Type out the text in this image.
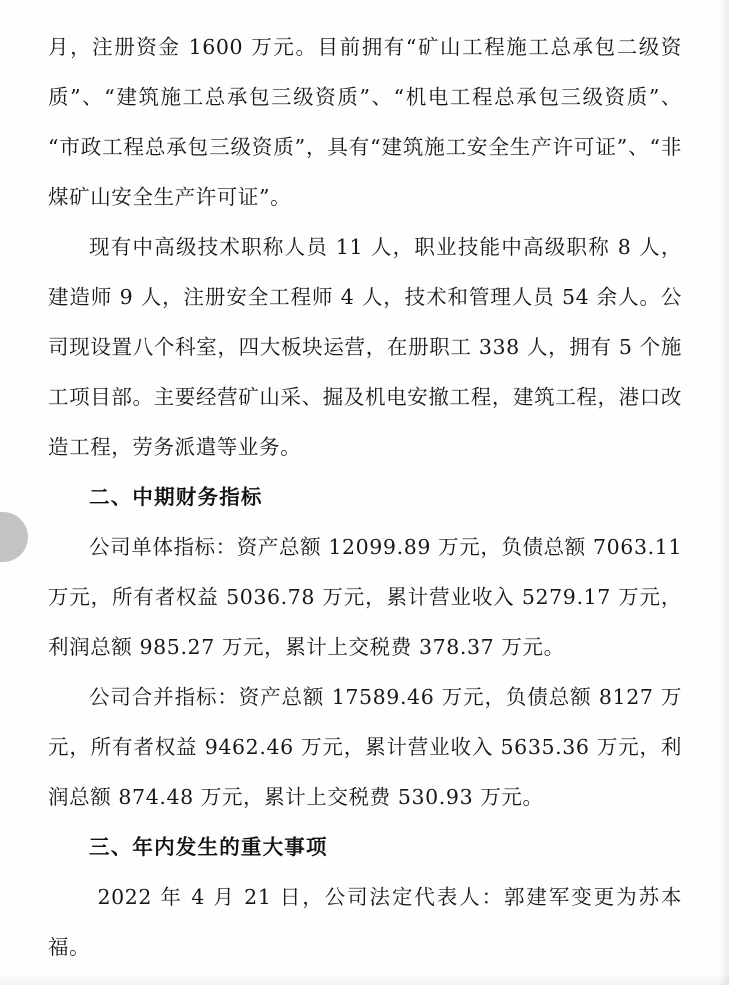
月，注册资金 1600 万元。目前拥有“矿山工程施工总承包二级资质”、“建筑施工总承包三级资质”、“机电工程总承包三级资质”、“市政工程总承包三级资质”，具有“建筑施工安全生产许可证”、“非煤矿山安全生产许可证”。

现有中高级技术职称人员 11 人，职业技能中高级职称 8 人，建造师 9 人，注册安全工程师 4 人，技术和管理人员 54 余人。公司现设置八个科室，四大板块运营，在册职工 338 人，拥有 5 个施工项目部。主要经营矿山采、掘及机电安撤工程，建筑工程，港口改造工程，劳务派遣等业务。

二、中期财务指标

公司单体指标：资产总额 12099.89 万元，负债总额 7063.11 万元，所有者权益 5036.78 万元，累计营业收入 5279.17 万元，利润总额 985.27 万元，累计上交税费 378.37 万元。

公司合并指标：资产总额 17589.46 万元，负债总额 8127 万元，所有者权益 9462.46 万元，累计营业收入 5635.36 万元，利润总额 874.48 万元，累计上交税费 530.93 万元。

三、年内发生的重大事项

2022 年 4 月 21 日，公司法定代表人：郭建军变更为苏本福。
